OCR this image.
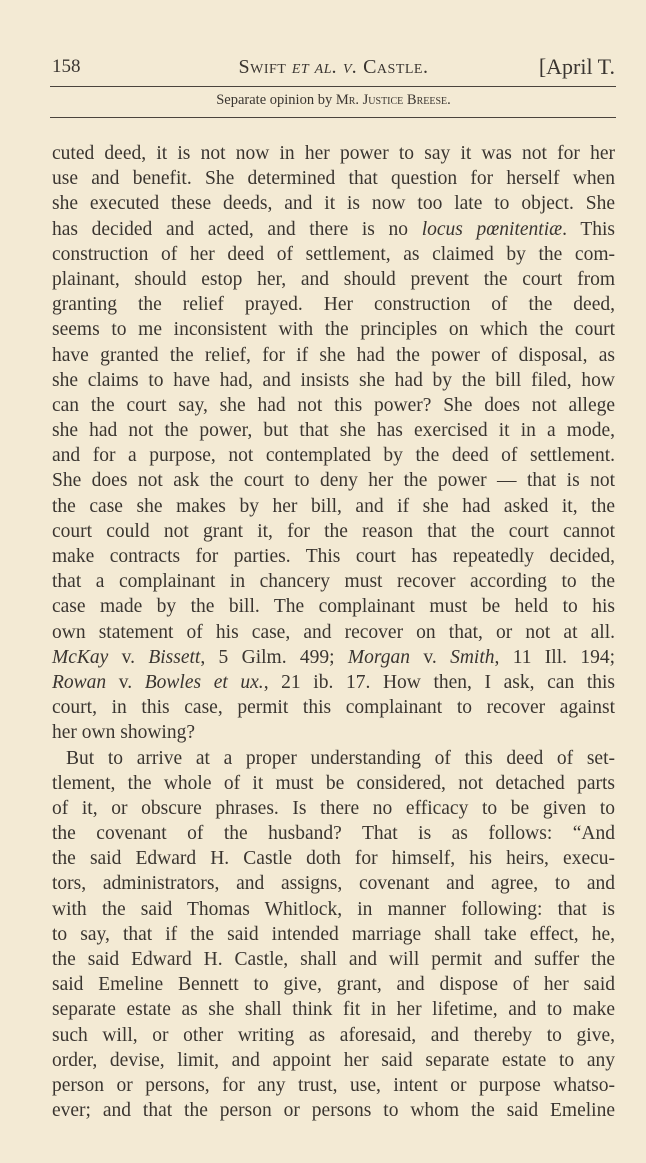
158	Swift et al. v. Castle.	[April T.
Separate opinion by Mr. Justice Breese.
cuted deed, it is not now in her power to say it was not for her
use and benefit. She determined that question for herself when
she executed these deeds, and it is now too late to object. She
has decided and acted, and there is no locus pœnitentiæ. This
construction of her deed of settlement, as claimed by the com-
plainant, should estop her, and should prevent the court from
granting the relief prayed. Her construction of the deed,
seems to me inconsistent with the principles on which the court
have granted the relief, for if she had the power of disposal, as
she claims to have had, and insists she had by the bill filed, how
can the court say, she had not this power? She does not allege
she had not the power, but that she has exercised it in a mode,
and for a purpose, not contemplated by the deed of settlement.
She does not ask the court to deny her the power — that is not
the case she makes by her bill, and if she had asked it, the
court could not grant it, for the reason that the court cannot
make contracts for parties. This court has repeatedly decided,
that a complainant in chancery must recover according to the
case made by the bill. The complainant must be held to his
own statement of his case, and recover on that, or not at all.
McKay v. Bissett, 5 Gilm. 499; Morgan v. Smith, 11 Ill. 194;
Rowan v. Bowles et ux., 21 ib. 17. How then, I ask, can this
court, in this case, permit this complainant to recover against
her own showing?
But to arrive at a proper understanding of this deed of set-
tlement, the whole of it must be considered, not detached parts
of it, or obscure phrases. Is there no efficacy to be given to
the covenant of the husband? That is as follows: “And
the said Edward H. Castle doth for himself, his heirs, execu-
tors, administrators, and assigns, covenant and agree, to and
with the said Thomas Whitlock, in manner following: that is
to say, that if the said intended marriage shall take effect, he,
the said Edward H. Castle, shall and will permit and suffer the
said Emeline Bennett to give, grant, and dispose of her said
separate estate as she shall think fit in her lifetime, and to make
such will, or other writing as aforesaid, and thereby to give,
order, devise, limit, and appoint her said separate estate to any
person or persons, for any trust, use, intent or purpose whatso-
ever; and that the person or persons to whom the said Emeline
